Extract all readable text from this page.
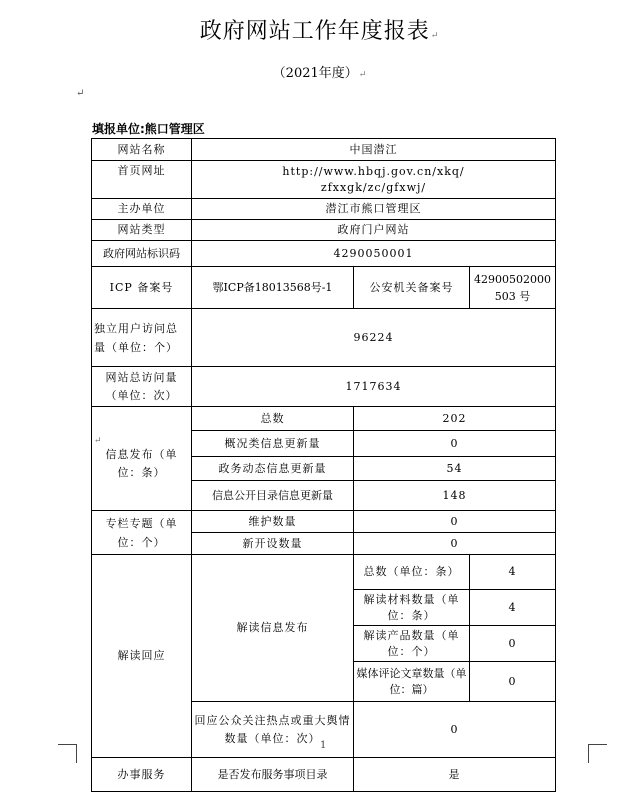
政府网站工作年度报表↵
（2021年度）↵
↵
填报单位:熊口管理区
网站名称	中国潜江		
首页网址	http://www.hbqj.gov.cn/xkq/zfxxgk/zc/gfxwj/		
主办单位	潜江市熊口管理区		
网站类型	政府门户网站		
政府网站标识码	4290050001		
ICP 备案号	鄂ICP备18013568号-1	公安机关备案号	42900502000503 号
独立用户访问总量（单位：个）	96224		
网站总访问量（单位：次）	1717634		

↵
信息发布（单位：条）	总数	202	
	概况类信息更新量	0	
	政务动态信息更新量	54	
	信息公开目录信息更新量	148	
专栏专题（单位：个）	维护数量	0	
	新开设数量	0	
解读回应	解读信息发布	总数（单位：条）	4
		解读材料数量（单位：条）	4
		解读产品数量（单位：个）	0
		媒体评论文章数量（单位：篇）	0
	回应公众关注热点或重大舆情数量（单位：次）	0	
办事服务	是否发布服务事项目录	是	
1
